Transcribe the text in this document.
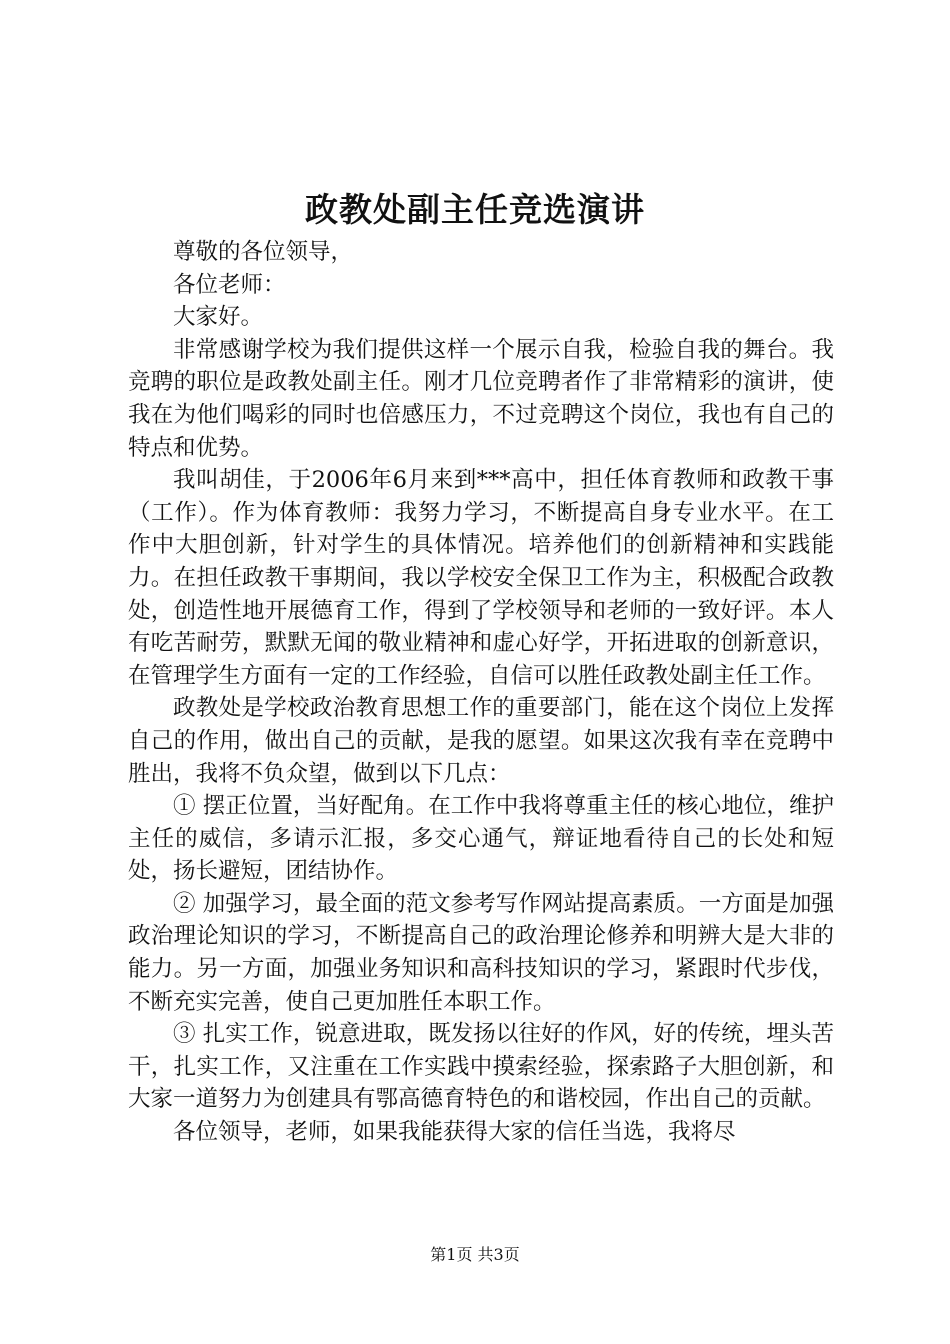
政教处副主任竞选演讲

尊敬的各位领导，

各位老师：

大家好。

非常感谢学校为我们提供这样一个展示自我，检验自我的舞台。我竞聘的职位是政教处副主任。刚才几位竞聘者作了非常精彩的演讲，使我在为他们喝彩的同时也倍感压力，不过竞聘这个岗位，我也有自己的特点和优势。

我叫胡佳，于2006年6月来到***高中，担任体育教师和政教干事（工作）。作为体育教师：我努力学习，不断提高自身专业水平。在工作中大胆创新，针对学生的具体情况。培养他们的创新精神和实践能力。在担任政教干事期间，我以学校安全保卫工作为主，积极配合政教处，创造性地开展德育工作，得到了学校领导和老师的一致好评。本人有吃苦耐劳，默默无闻的敬业精神和虚心好学，开拓进取的创新意识，在管理学生方面有一定的工作经验，自信可以胜任政教处副主任工作。

政教处是学校政治教育思想工作的重要部门，能在这个岗位上发挥自己的作用，做出自己的贡献，是我的愿望。如果这次我有幸在竞聘中胜出，我将不负众望，做到以下几点：

① 摆正位置，当好配角。在工作中我将尊重主任的核心地位，维护主任的威信，多请示汇报，多交心通气，辩证地看待自己的长处和短处，扬长避短，团结协作。

② 加强学习，最全面的范文参考写作网站提高素质。一方面是加强政治理论知识的学习，不断提高自己的政治理论修养和明辨大是大非的能力。另一方面，加强业务知识和高科技知识的学习，紧跟时代步伐，不断充实完善，使自己更加胜任本职工作。

③ 扎实工作，锐意进取，既发扬以往好的作风，好的传统，埋头苦干，扎实工作，又注重在工作实践中摸索经验，探索路子大胆创新，和大家一道努力为创建具有鄂高德育特色的和谐校园，作出自己的贡献。

各位领导，老师，如果我能获得大家的信任当选，我将尽

第1页 共3页
